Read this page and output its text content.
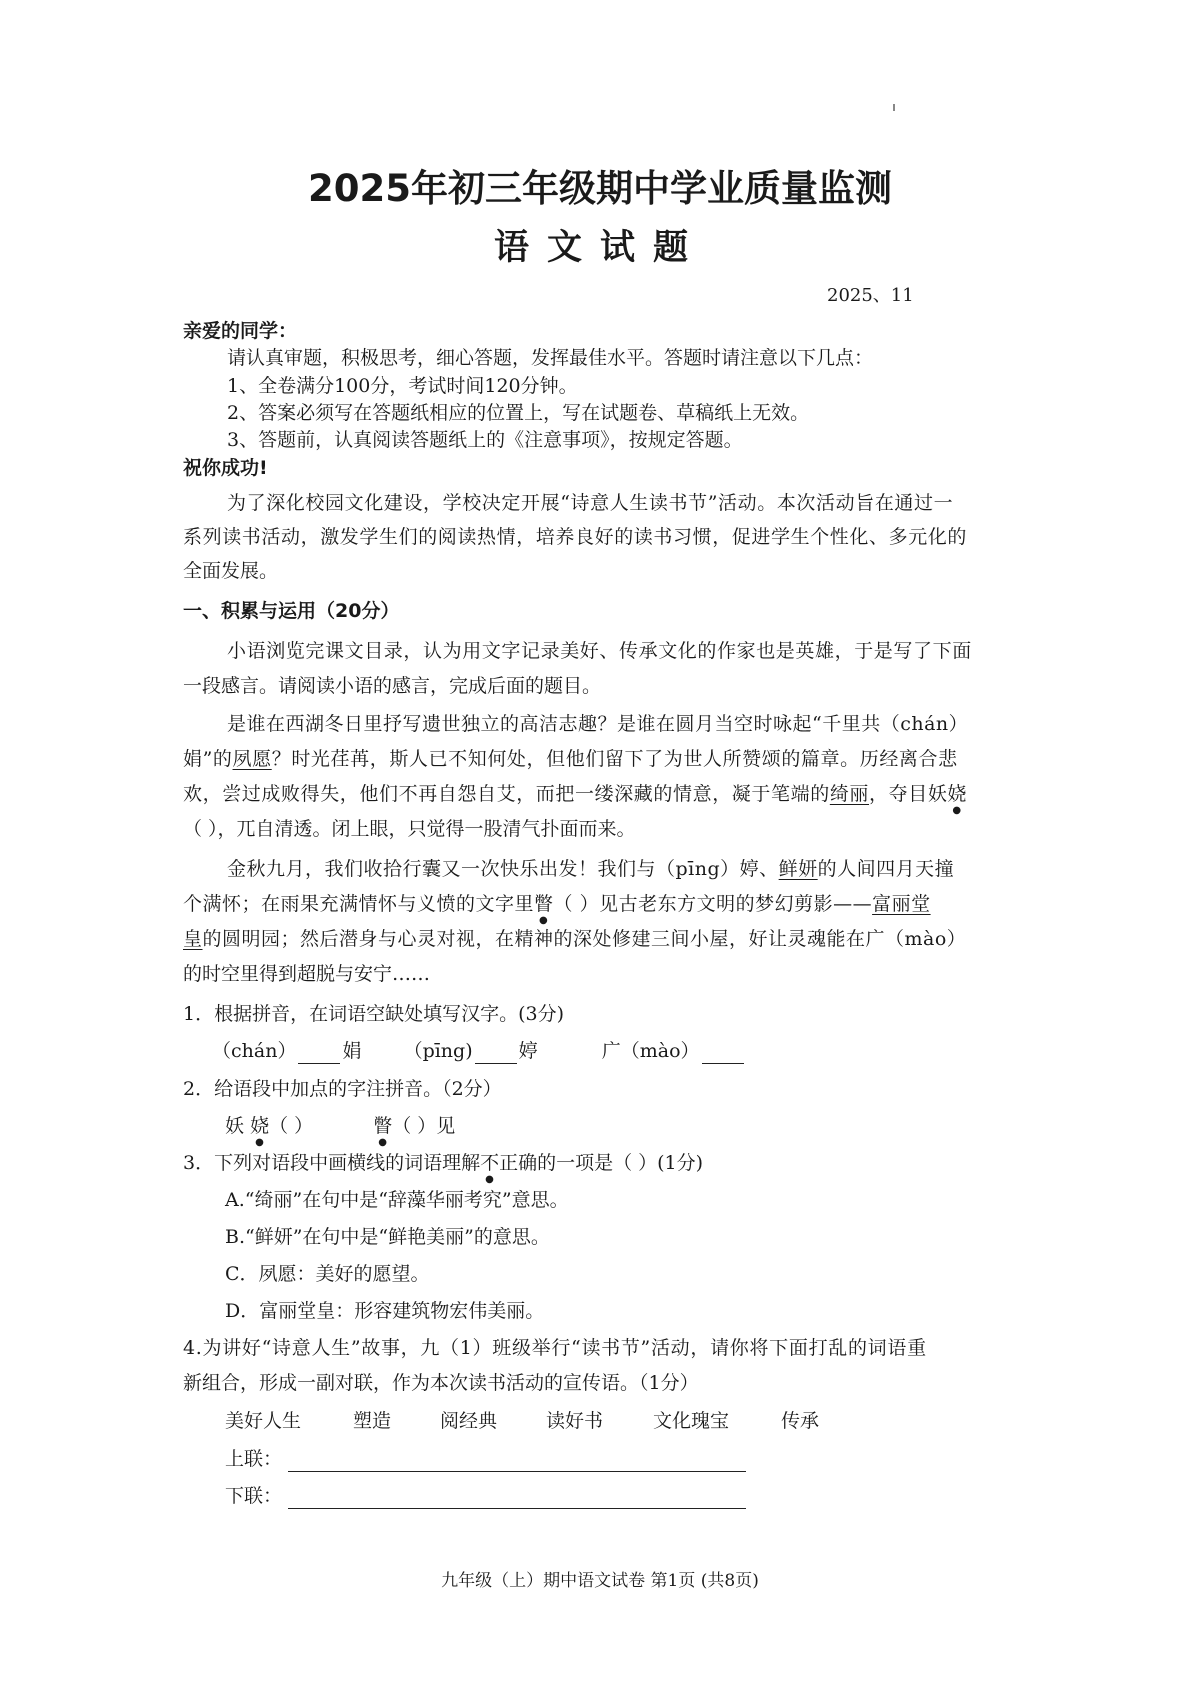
2025年初三年级期中学业质量监测
语文试题
2025、11
亲爱的同学：
请认真审题，积极思考，细心答题，发挥最佳水平。答题时请注意以下几点：
1、全卷满分100分，考试时间120分钟。
2、答案必须写在答题纸相应的位置上，写在试题卷、草稿纸上无效。
3、答题前，认真阅读答题纸上的《注意事项》，按规定答题。
祝你成功!
为了深化校园文化建设，学校决定开展“诗意人生读书节”活动。本次活动旨在通过一
系列读书活动，激发学生们的阅读热情，培养良好的读书习惯，促进学生个性化、多元化的
全面发展。
一、积累与运用（20分）
小语浏览完课文目录，认为用文字记录美好、传承文化的作家也是英雄，于是写了下面
一段感言。请阅读小语的感言，完成后面的题目。
是谁在西湖冬日里抒写遗世独立的高洁志趣？是谁在圆月当空时咏起“千里共（chán）
娟”的夙愿？时光荏苒，斯人已不知何处，但他们留下了为世人所赞颂的篇章。历经离合悲
欢，尝过成败得失，他们不再自怨自艾，而把一缕深藏的情意，凝于笔端的绮丽，夺目妖娆
（ ），兀自清透。闭上眼，只觉得一股清气扑面而来。
金秋九月，我们收拾行囊又一次快乐出发！我们与（pīng）婷、鲜妍的人间四月天撞
个满怀；在雨果充满情怀与义愤的文字里瞥（ ）见古老东方文明的梦幻剪影——富丽堂
皇的圆明园；然后潜身与心灵对视，在精神的深处修建三间小屋，好让灵魂能在广（mào）
的时空里得到超脱与安宁……
1．根据拼音，在词语空缺处填写汉字。(3分)
（chán） 娟 （pīng) 婷	广（mào）
2．给语段中加点的字注拼音。（2分）
妖 娆（ ）	瞥（ ）见
3．下列对语段中画横线的词语理解不正确的一项是（ ）(1分)
A.“绮丽”在句中是“辞藻华丽考究”意思。
B.“鲜妍”在句中是“鲜艳美丽”的意思。
C．夙愿：美好的愿望。
D．富丽堂皇：形容建筑物宏伟美丽。
4.为讲好“诗意人生”故事，九（1）班级举行“读书节”活动，请你将下面打乱的词语重
新组合，形成一副对联，作为本次读书活动的宣传语。（1分）
美好人生	塑造	阅经典	读好书	文化瑰宝	传承
上联：
下联：
九年级（上）期中语文试卷 第1页 (共8页)
